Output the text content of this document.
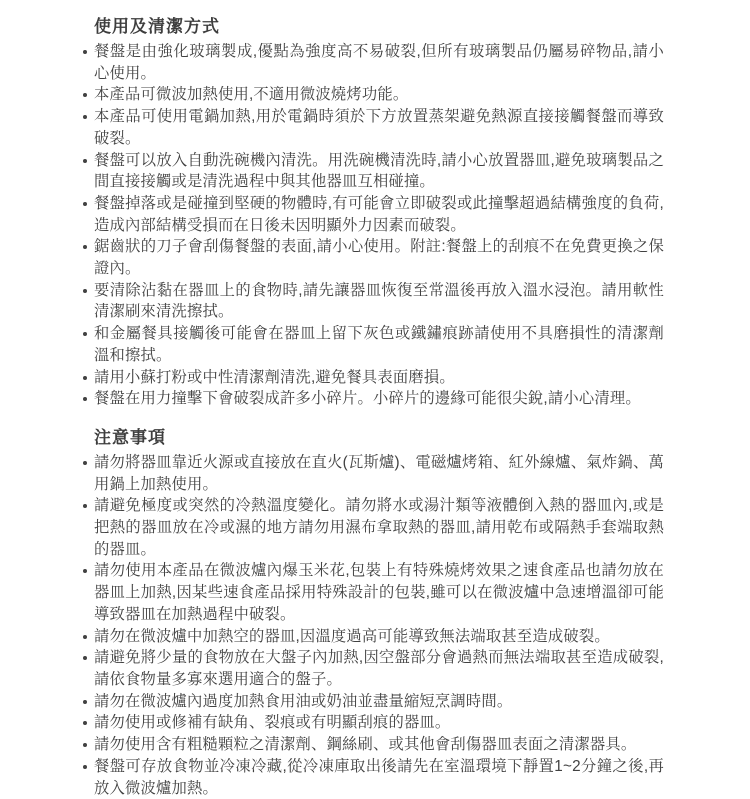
使用及清潔方式
餐盤是由強化玻璃製成,優點為強度高不易破裂,但所有玻璃製品仍屬易碎物品,請小心使用。
本產品可微波加熱使用,不適用微波燒烤功能。
本產品可使用電鍋加熱,用於電鍋時須於下方放置蒸架避免熱源直接接觸餐盤而導致破裂。
餐盤可以放入自動洗碗機內清洗。用洗碗機清洗時,請小心放置器皿,避免玻璃製品之間直接接觸或是清洗過程中與其他器皿互相碰撞。
餐盤掉落或是碰撞到堅硬的物體時,有可能會立即破裂或此撞擊超過結構強度的負荷,造成內部結構受損而在日後未因明顯外力因素而破裂。
鋸齒狀的刀子會刮傷餐盤的表面,請小心使用。附註:餐盤上的刮痕不在免費更換之保證內。
要清除沾黏在器皿上的食物時,請先讓器皿恢復至常溫後再放入溫水浸泡。請用軟性清潔刷來清洗擦拭。
和金屬餐具接觸後可能會在器皿上留下灰色或鐵鏽痕跡請使用不具磨損性的清潔劑溫和擦拭。
請用小蘇打粉或中性清潔劑清洗,避免餐具表面磨損。
餐盤在用力撞擊下會破裂成許多小碎片。小碎片的邊緣可能很尖銳,請小心清理。
注意事項
請勿將器皿靠近火源或直接放在直火(瓦斯爐)、電磁爐烤箱、紅外線爐、氣炸鍋、萬用鍋上加熱使用。
請避免極度或突然的冷熱溫度變化。請勿將水或湯汁類等液體倒入熱的器皿內,或是把熱的器皿放在冷或濕的地方請勿用濕布拿取熱的器皿,請用乾布或隔熱手套端取熱的器皿。
請勿使用本產品在微波爐內爆玉米花,包裝上有特殊燒烤效果之速食產品也請勿放在器皿上加熱,因某些速食產品採用特殊設計的包裝,雖可以在微波爐中急速增溫卻可能導致器皿在加熱過程中破裂。
請勿在微波爐中加熱空的器皿,因溫度過高可能導致無法端取甚至造成破裂。
請避免將少量的食物放在大盤子內加熱,因空盤部分會過熱而無法端取甚至造成破裂,請依食物量多寡來選用適合的盤子。
請勿在微波爐內過度加熱食用油或奶油並盡量縮短烹調時間。
請勿使用或修補有缺角、裂痕或有明顯刮痕的器皿。
請勿使用含有粗糙顆粒之清潔劑、鋼絲刷、或其他會刮傷器皿表面之清潔器具。
餐盤可存放食物並冷凍冷藏,從冷凍庫取出後請先在室溫環境下靜置1~2分鐘之後,再放入微波爐加熱。
